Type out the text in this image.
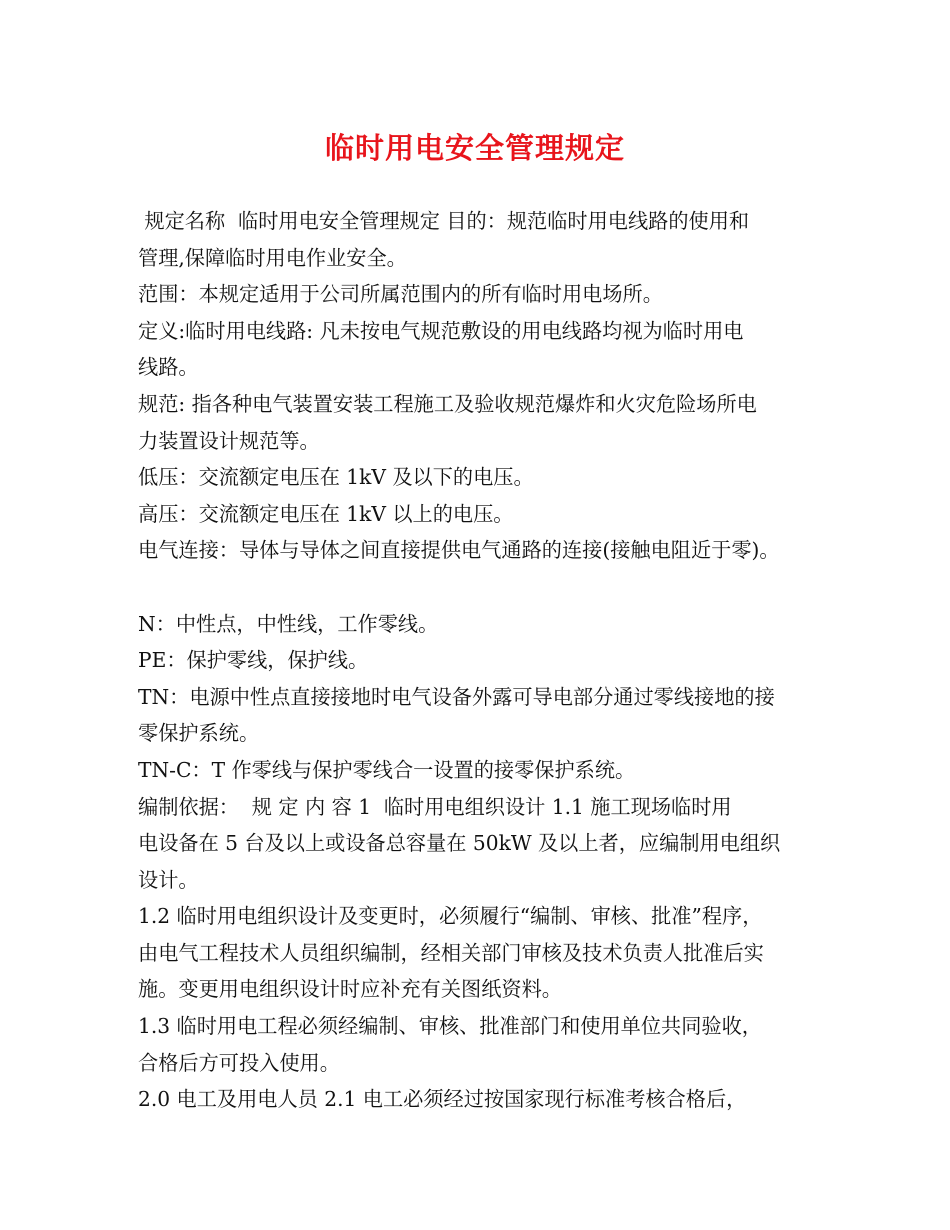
临时用电安全管理规定
规定名称  临时用电安全管理规定 目的：规范临时用电线路的使用和
管理,保障临时用电作业安全。
范围：本规定适用于公司所属范围内的所有临时用电场所。
定义:临时用电线路: 凡未按电气规范敷设的用电线路均视为临时用电
线路。
规范: 指各种电气装置安装工程施工及验收规范爆炸和火灾危险场所电
力装置设计规范等。
低压：交流额定电压在 1kV 及以下的电压。
高压：交流额定电压在 1kV 以上的电压。
电气连接：导体与导体之间直接提供电气通路的连接(接触电阻近于零)。
N：中性点，中性线，工作零线。
PE：保护零线，保护线。
TN：电源中性点直接接地时电气设备外露可导电部分通过零线接地的接
零保护系统。
TN-C：T 作零线与保护零线合一设置的接零保护系统。
编制依据：  规 定 内 容 1  临时用电组织设计 1.1 施工现场临时用
电设备在 5 台及以上或设备总容量在 50kW 及以上者，应编制用电组织
设计。
1.2 临时用电组织设计及变更时，必须履行“编制、审核、批准”程序，
由电气工程技术人员组织编制，经相关部门审核及技术负责人批准后实
施。变更用电组织设计时应补充有关图纸资料。
1.3 临时用电工程必须经编制、审核、批准部门和使用单位共同验收，
合格后方可投入使用。
2.0 电工及用电人员 2.1 电工必须经过按国家现行标准考核合格后，
